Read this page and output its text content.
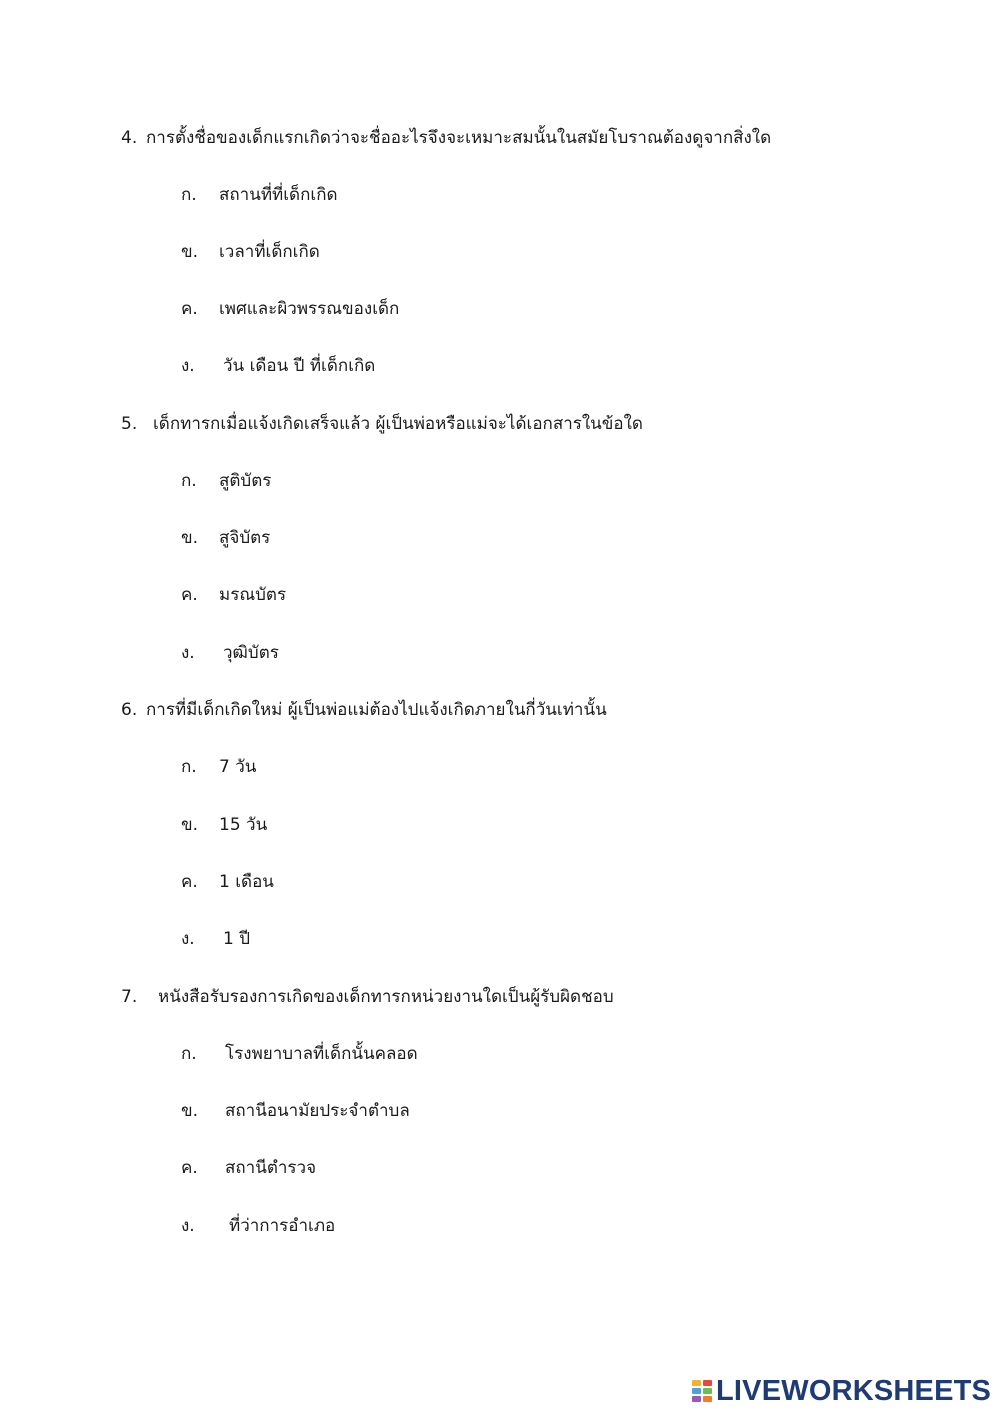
4. การตั้งชื่อของเด็กแรกเกิดว่าจะชื่ออะไรจึงจะเหมาะสมนั้นในสมัยโบราณต้องดูจากสิ่งใด
ก. สถานที่ที่เด็กเกิด
ข. เวลาที่เด็กเกิด
ค. เพศและผิวพรรณของเด็ก
ง. วัน เดือน ปี ที่เด็กเกิด
5. เด็กทารกเมื่อแจ้งเกิดเสร็จแล้ว ผู้เป็นพ่อหรือแม่จะได้เอกสารในข้อใด
ก. สูติบัตร
ข. สูจิบัตร
ค. มรณบัตร
ง. วุฒิบัตร
6. การที่มีเด็กเกิดใหม่ ผู้เป็นพ่อแม่ต้องไปแจ้งเกิดภายในกี่วันเท่านั้น
ก. 7 วัน
ข. 15 วัน
ค. 1 เดือน
ง. 1 ปี
7. หนังสือรับรองการเกิดของเด็กทารกหน่วยงานใดเป็นผู้รับผิดชอบ
ก. โรงพยาบาลที่เด็กนั้นคลอด
ข. สถานีอนามัยประจำตำบล
ค. สถานีตำรวจ
ง. ที่ว่าการอำเภอ
LIVEWORKSHEETS
